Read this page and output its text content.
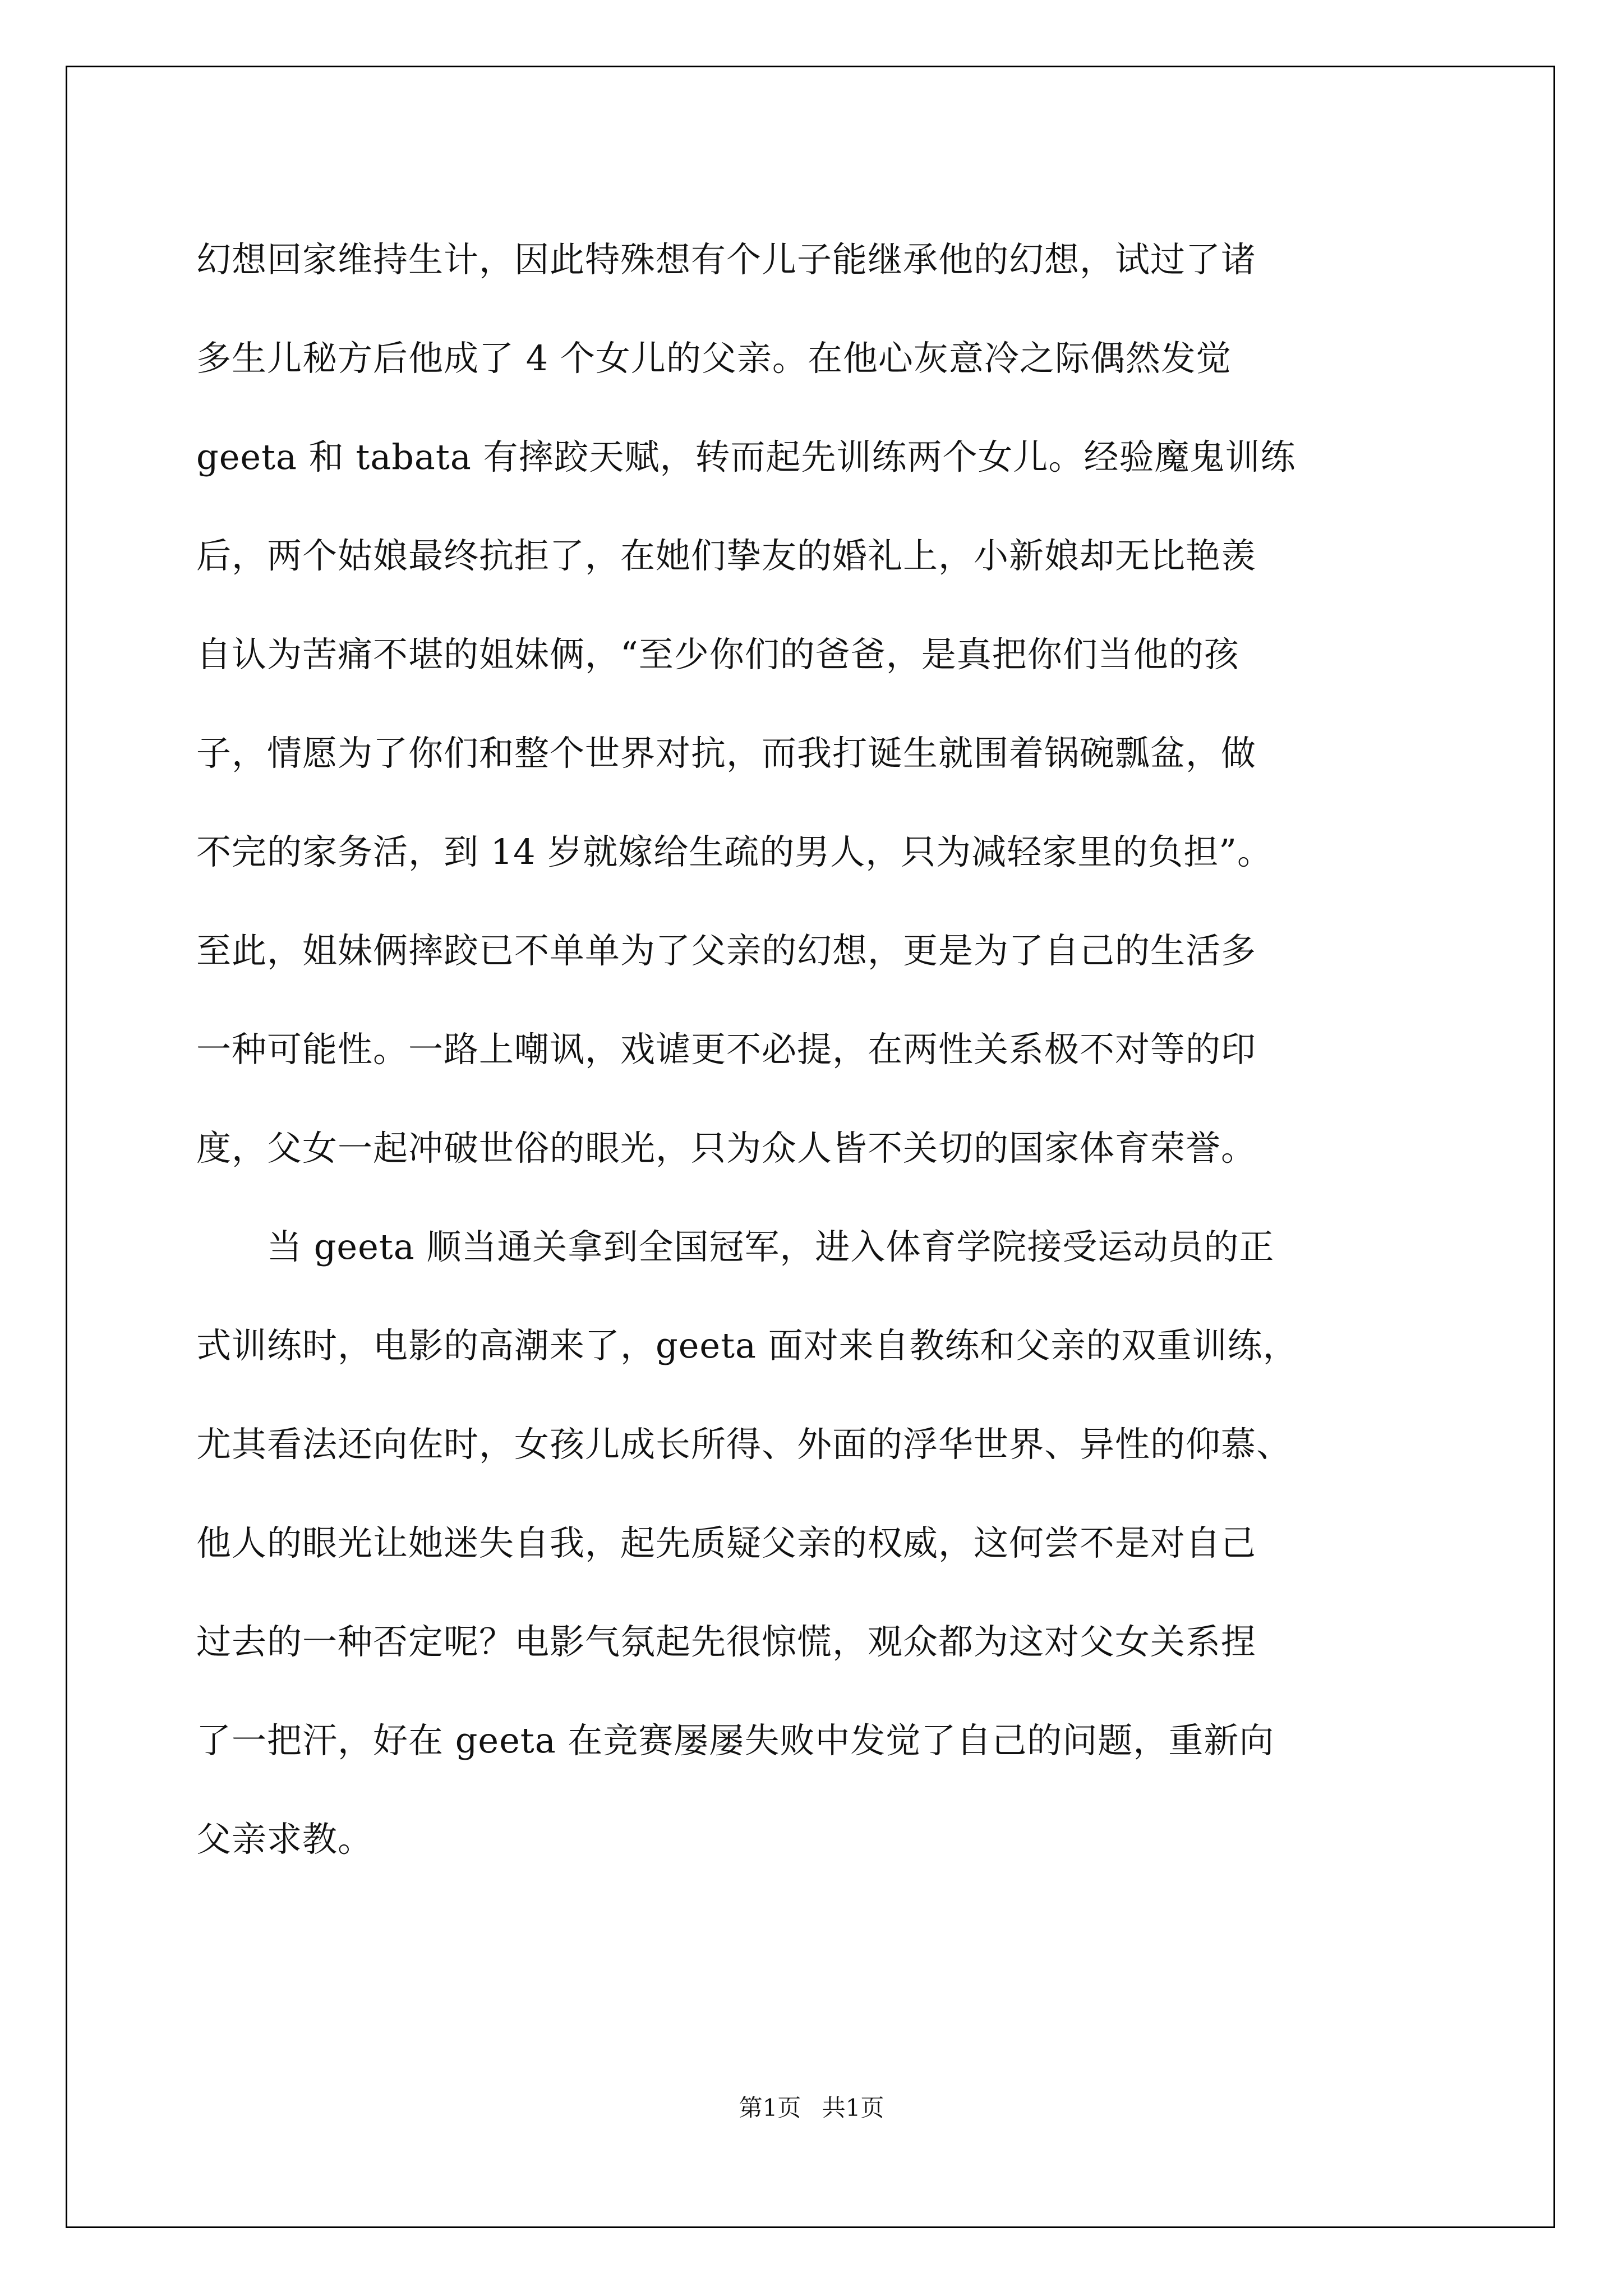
幻想回家维持生计，因此特殊想有个儿子能继承他的幻想，试过了诸
多生儿秘方后他成了 4 个女儿的父亲。在他心灰意冷之际偶然发觉
geeta 和 tabata 有摔跤天赋，转而起先训练两个女儿。经验魔鬼训练
后，两个姑娘最终抗拒了，在她们挚友的婚礼上，小新娘却无比艳羡
自认为苦痛不堪的姐妹俩，“至少你们的爸爸，是真把你们当他的孩
子，情愿为了你们和整个世界对抗，而我打诞生就围着锅碗瓢盆，做
不完的家务活，到 14 岁就嫁给生疏的男人，只为减轻家里的负担”。
至此，姐妹俩摔跤已不单单为了父亲的幻想，更是为了自己的生活多
一种可能性。一路上嘲讽，戏谑更不必提，在两性关系极不对等的印
度，父女一起冲破世俗的眼光，只为众人皆不关切的国家体育荣誉。
　　当 geeta 顺当通关拿到全国冠军，进入体育学院接受运动员的正
式训练时，电影的高潮来了，geeta 面对来自教练和父亲的双重训练，
尤其看法还向佐时，女孩儿成长所得、外面的浮华世界、异性的仰慕、
他人的眼光让她迷失自我，起先质疑父亲的权威，这何尝不是对自己
过去的一种否定呢？电影气氛起先很惊慌，观众都为这对父女关系捏
了一把汗，好在 geeta 在竞赛屡屡失败中发觉了自己的问题，重新向
父亲求教。
第1页 共1页
